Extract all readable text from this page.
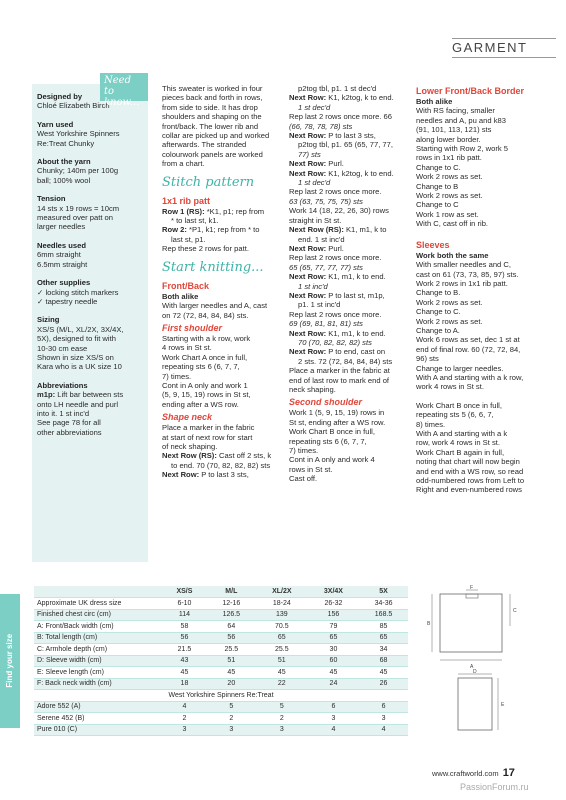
GARMENT
Designed by
Chloé Elizabeth Birch
Yarn used
West Yorkshire Spinners
Re:Treat Chunky
About the yarn
Chunky; 140m per 100g
ball; 100% wool
Tension
14 sts x 19 rows = 10cm
measured over patt on
larger needles
Needles used
6mm straight
6.5mm straight
Other supplies
✓ locking stitch markers
✓ tapestry needle
Sizing
XS/S (M/L, XL/2X, 3X/4X,
5X), designed to fit with
10-30 cm ease
Shown in size XS/S on
Kara who is a UK size 10
Abbreviations
m1p: Lift bar between sts
onto LH needle and purl
into it. 1 st inc'd
See page 78 for all
other abbreviations
Need to
know...
This sweater is worked in four
pieces back and forth in rows,
from side to side. It has drop
shoulders and shaping on the
front/back. The lower rib and
collar are picked up and worked
afterwards. The stranded
colourwork panels are worked
from a chart.
Stitch pattern
1x1 rib patt
Row 1 (RS): *K1, p1; rep from
* to last st, k1.
Row 2: *P1, k1; rep from * to
last st, p1.
Rep these 2 rows for patt.
Start knitting...
Front/Back
Both alike
With larger needles and A, cast
on 72 (72, 84, 84, 84) sts.
First shoulder
Starting with a k row, work
4 rows in St st.
Work Chart A once in full,
repeating sts 6 (6, 7, 7,
7) times.
Cont in A only and work 1
(5, 9, 15, 19) rows in St st,
ending after a WS row.
Shape neck
Place a marker in the fabric
at start of next row for start
of neck shaping.
Next Row (RS): Cast off 2 sts, k
to end. 70 (70, 82, 82, 82) sts
Next Row: P to last 3 sts,
p2tog tbl, p1. 1 st dec'd
Next Row: K1, k2tog, k to end.
1 st dec'd
Rep last 2 rows once more. 66
(66, 78, 78, 78) sts
Next Row: P to last 3 sts,
p2tog tbl, p1. 65 (65, 77, 77,
77) sts
Next Row: Purl.
Next Row: K1, k2tog, k to end.
1 st dec'd
Rep last 2 rows once more.
63 (63, 75, 75, 75) sts
Work 14 (18, 22, 26, 30) rows
straight in St st.
Next Row (RS): K1, m1, k to
end. 1 st inc'd
Next Row: Purl.
Rep last 2 rows once more.
65 (65, 77, 77, 77) sts
Next Row: K1, m1, k to end.
1 st inc'd
Next Row: P to last st, m1p,
p1. 1 st inc'd
Rep last 2 rows once more.
69 (69, 81, 81, 81) sts
Next Row: K1, m1, k to end.
70 (70, 82, 82, 82) sts
Next Row: P to end, cast on
2 sts. 72 (72, 84, 84, 84) sts
Place a marker in the fabric at
end of last row to mark end of
neck shaping.
Second shoulder
Work 1 (5, 9, 15, 19) rows in
St st, ending after a WS row.
Work Chart B once in full,
repeating sts 6 (6, 7, 7,
7) times.
Cont in A only and work 4
rows in St st.
Cast off.
Lower Front/Back Border
Both alike
With RS facing, smaller
needles and A, pu and k83
(91, 101, 113, 121) sts
along lower border.
Starting with Row 2, work 5
rows in 1x1 rib patt.
Change to C.
Work 2 rows as set.
Change to B
Work 2 rows as set.
Change to C
Work 1 row as set.
With C, cast off in rib.
Sleeves
Work both the same
With smaller needles and C,
cast on 61 (73, 73, 85, 97) sts.
Work 2 rows in 1x1 rib patt.
Change to B.
Work 2 rows as set.
Change to C.
Work 2 rows as set.
Change to A.
Work 6 rows as set, dec 1 st at
end of final row. 60 (72, 72, 84,
96) sts
Change to larger needles.
With A and starting with a k row,
work 4 rows in St st.
Work Chart B once in full,
repeating sts 5 (6, 6, 7,
8) times.
With A and starting with a k
row, work 4 rows in St st.
Work Chart B again in full,
noting that chart will now begin
and end with a WS row, so read
odd-numbered rows from Left to
Right and even-numbered rows
Find your size
	XS/S	M/L	XL/2X	3X/4X	5X
Approximate UK dress size	6-10	12-16	18-24	26-32	34-36
Finished chest circ (cm)	114	126.5	139	156	168.5
A: Front/Back width (cm)	58	64	70.5	79	85
B: Total length (cm)	56	56	65	65	65
C: Armhole depth (cm)	21.5	25.5	25.5	30	34
D: Sleeve width (cm)	43	51	51	60	68
E: Sleeve length (cm)	45	45	45	45	45
F: Back neck width (cm)	18	20	22	24	26
West Yorkshire Spinners Re:Treat					
Adore 552 (A)	4	5	5	6	6
Serene 452 (B)	2	2	2	3	3
Pure 010 (C)	3	3	3	4	4
A
B
C
F
D
E
www.craftworld.com 17
PassionForum.ru
